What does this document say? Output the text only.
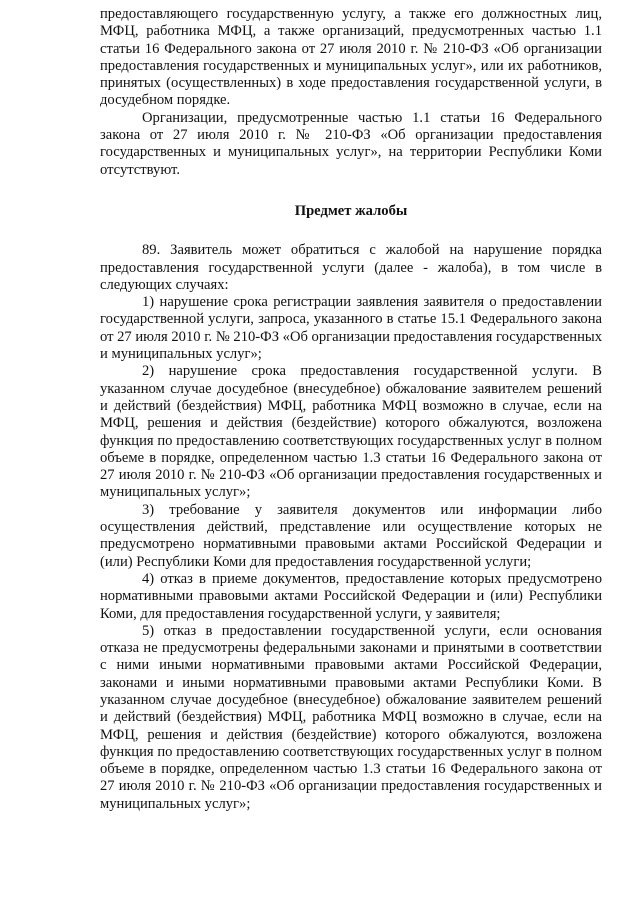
предоставляющего государственную услугу, а также его должностных лиц, МФЦ, работника МФЦ, а также организаций, предусмотренных частью 1.1 статьи 16 Федерального закона от 27 июля 2010 г. № 210-ФЗ «Об организации предоставления государственных и муниципальных услуг», или их работников, принятых (осуществленных) в ходе предоставления государственной услуги, в досудебном порядке.

Организации, предусмотренные частью 1.1 статьи 16 Федерального закона от 27 июля 2010 г. № 210-ФЗ «Об организации предоставления государственных и муниципальных услуг», на территории Республики Коми отсутствуют.

Предмет жалобы

89. Заявитель может обратиться с жалобой на нарушение порядка предоставления государственной услуги (далее - жалоба), в том числе в следующих случаях:

1) нарушение срока регистрации заявления заявителя о предоставлении государственной услуги, запроса, указанного в статье 15.1 Федерального закона от 27 июля 2010 г. № 210-ФЗ «Об организации предоставления государственных и муниципальных услуг»;

2) нарушение срока предоставления государственной услуги. В указанном случае досудебное (внесудебное) обжалование заявителем решений и действий (бездействия) МФЦ, работника МФЦ возможно в случае, если на МФЦ, решения и действия (бездействие) которого обжалуются, возложена функция по предоставлению соответствующих государственных услуг в полном объеме в порядке, определенном частью 1.3 статьи 16 Федерального закона от 27 июля 2010 г. № 210-ФЗ «Об организации предоставления государственных и муниципальных услуг»;

3) требование у заявителя документов или информации либо осуществления действий, представление или осуществление которых не предусмотрено нормативными правовыми актами Российской Федерации и (или) Республики Коми для предоставления государственной услуги;

4) отказ в приеме документов, предоставление которых предусмотрено нормативными правовыми актами Российской Федерации и (или) Республики Коми, для предоставления государственной услуги, у заявителя;

5) отказ в предоставлении государственной услуги, если основания отказа не предусмотрены федеральными законами и принятыми в соответствии с ними иными нормативными правовыми актами Российской Федерации, законами и иными нормативными правовыми актами Республики Коми. В указанном случае досудебное (внесудебное) обжалование заявителем решений и действий (бездействия) МФЦ, работника МФЦ возможно в случае, если на МФЦ, решения и действия (бездействие) которого обжалуются, возложена функция по предоставлению соответствующих государственных услуг в полном объеме в порядке, определенном частью 1.3 статьи 16 Федерального закона от 27 июля 2010 г. № 210-ФЗ «Об организации предоставления государственных и муниципальных услуг»;
